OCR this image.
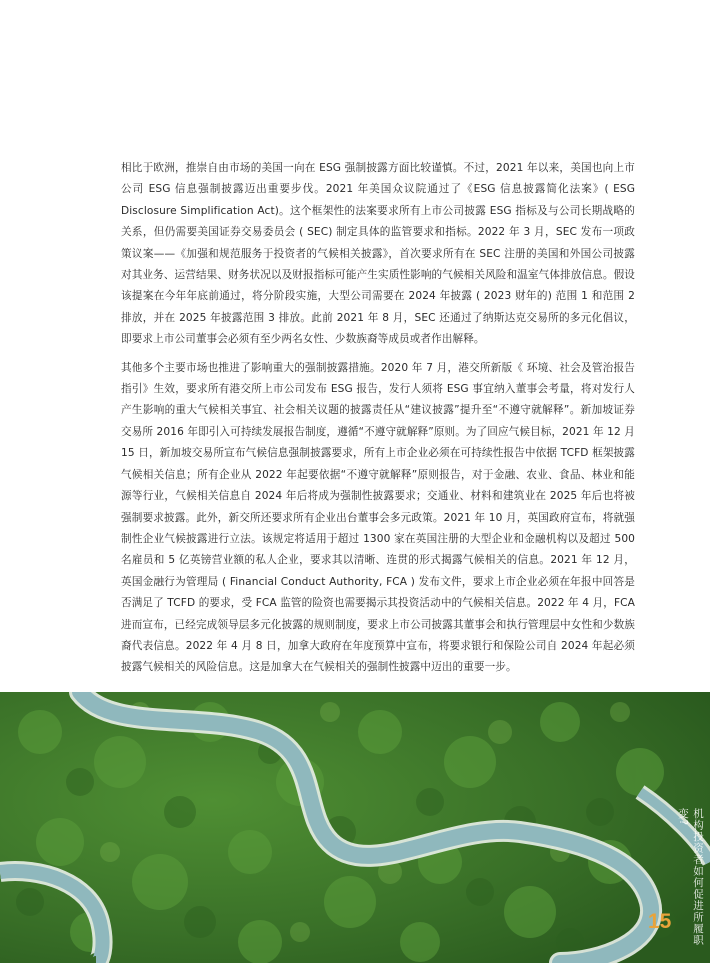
相比于欧洲，推崇自由市场的美国一向在 ESG 强制披露方面比较谨慎。不过，2021 年以来，美国也向上市公司 ESG 信息强制披露迈出重要步伐。2021 年美国众议院通过了《ESG 信息披露简化法案》( ESG Disclosure Simplification Act)。这个框架性的法案要求所有上市公司披露 ESG 指标及与公司长期战略的关系，但仍需要美国证券交易委员会 ( SEC) 制定具体的监管要求和指标。2022 年 3 月，SEC 发布一项政策议案——《加强和规范服务于投资者的气候相关披露》，首次要求所有在 SEC 注册的美国和外国公司披露对其业务、运营结果、财务状况以及财报指标可能产生实质性影响的气候相关风险和温室气体排放信息。假设该提案在今年年底前通过，将分阶段实施，大型公司需要在 2024 年披露 ( 2023 财年的) 范围 1 和范围 2 排放，并在 2025 年披露范围 3 排放。此前 2021 年 8 月，SEC 还通过了纳斯达克交易所的多元化倡议，即要求上市公司董事会必须有至少两名女性、少数族裔等成员或者作出解释。

其他多个主要市场也推进了影响重大的强制披露措施。2020 年 7 月，港交所新版《 环境、社会及管治报告指引》生效，要求所有港交所上市公司发布 ESG 报告，发行人须将 ESG 事宜纳入董事会考量，将对发行人产生影响的重大气候相关事宜、社会相关议题的披露责任从“建议披露”提升至“不遵守就解释”。新加坡证券交易所 2016 年即引入可持续发展报告制度，遵循“不遵守就解释”原则。为了回应气候目标，2021 年 12 月 15 日，新加坡交易所宣布气候信息强制披露要求，所有上市企业必须在可持续性报告中依据 TCFD 框架披露气候相关信息；所有企业从 2022 年起要依据“不遵守就解释”原则报告，对于金融、农业、食品、林业和能源等行业，气候相关信息自 2024 年后将成为强制性披露要求；交通业、材料和建筑业在 2025 年后也将被强制要求披露。此外，新交所还要求所有企业出台董事会多元政策。2021 年 10 月，英国政府宣布，将就强制性企业气候披露进行立法。该规定将适用于超过 1300 家在英国注册的大型企业和金融机构以及超过 500 名雇员和 5 亿英镑营业额的私人企业，要求其以清晰、连贯的形式揭露气候相关的信息。2021 年 12 月，英国金融行为管理局 ( Financial Conduct Authority, FCA ) 发布文件，要求上市企业必须在年报中回答是否满足了 TCFD 的要求，受 FCA 监管的险资也需要揭示其投资活动中的气候相关信息。2022 年 4 月，FCA 进而宣布，已经完成领导层多元化披露的规则制度，要求上市公司披露其董事会和执行管理层中女性和少数族裔代表信息。2022 年 4 月 8 日，加拿大政府在年度预算中宣布，将要求银行和保险公司自 2024 年起必须披露气候相关的风险信息。这是加拿大在气候相关的强制性披露中迈出的重要一步。

机构投资者如何促进所履职变?
15
